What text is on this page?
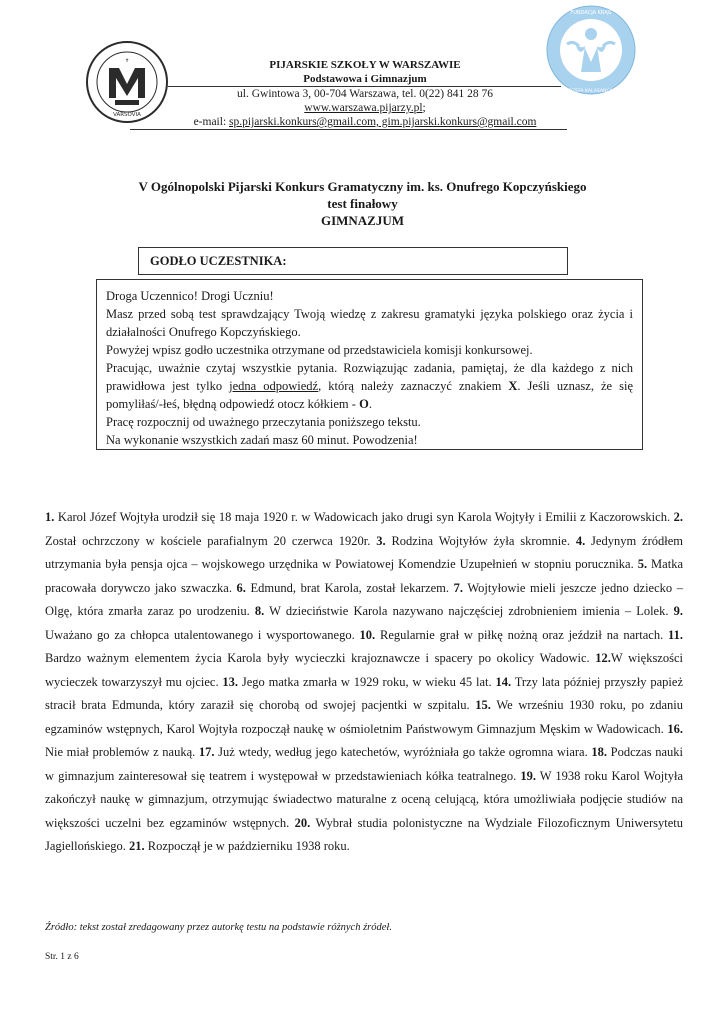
✝
VARSOVIA
FUNDACJA KRĄG
KS. JÓZEFA KALASANCJUSZA
PIJARSKIE SZKOŁY W WARSZAWIE
Podstawowa i Gimnazjum
ul. Gwintowa 3, 00-704 Warszawa, tel. 0(22) 841 28 76
www.warszawa.pijarzy.pl;
e-mail: sp.pijarski.konkurs@gmail.com, gim.pijarski.konkurs@gmail.com
V Ogólnopolski Pijarski Konkurs Gramatyczny im. ks. Onufrego Kopczyńskiego
test finałowy
GIMNAZJUM
GODŁO UCZESTNIKA:

Droga Uczennico! Drogi Uczniu!

Masz przed sobą test sprawdzający Twoją wiedzę z zakresu gramatyki języka polskiego oraz życia i działalności Onufrego Kopczyńskiego.

Powyżej wpisz godło uczestnika otrzymane od przedstawiciela komisji konkursowej.

Pracując, uważnie czytaj wszystkie pytania. Rozwiązując zadania, pamiętaj, że dla każdego z nich prawidłowa jest tylko jedna odpowiedź, którą należy zaznaczyć znakiem X. Jeśli uznasz, że się pomyliłaś/-łeś, błędną odpowiedź otocz kółkiem - O.

Pracę rozpocznij od uważnego przeczytania poniższego tekstu.

Na wykonanie wszystkich zadań masz 60 minut. Powodzenia!

1. Karol Józef Wojtyła urodził się 18 maja 1920 r. w Wadowicach jako drugi syn Karola Wojtyły i Emilii z Kaczorowskich. 2. Został ochrzczony w kościele parafialnym 20 czerwca 1920r. 3. Rodzina Wojtyłów żyła skromnie. 4. Jedynym źródłem utrzymania była pensja ojca – wojskowego urzędnika w Powiatowej Komendzie Uzupełnień w stopniu porucznika. 5. Matka pracowała dorywczo jako szwaczka. 6. Edmund, brat Karola, został lekarzem. 7. Wojtyłowie mieli jeszcze jedno dziecko – Olgę, która zmarła zaraz po urodzeniu. 8. W dzieciństwie Karola nazywano najczęściej zdrobnieniem imienia – Lolek. 9. Uważano go za chłopca utalentowanego i wysportowanego. 10. Regularnie grał w piłkę nożną oraz jeździł na nartach. 11. Bardzo ważnym elementem życia Karola były wycieczki krajoznawcze i spacery po okolicy Wadowic. 12.W większości wycieczek towarzyszył mu ojciec. 13. Jego matka zmarła w 1929 roku, w wieku 45 lat. 14. Trzy lata później przyszły papież stracił brata Edmunda, który zaraził się chorobą od swojej pacjentki w szpitalu. 15. We wrześniu 1930 roku, po zdaniu egzaminów wstępnych, Karol Wojtyła rozpoczął naukę w ośmioletnim Państwowym Gimnazjum Męskim w Wadowicach. 16. Nie miał problemów z nauką. 17. Już wtedy, według jego katechetów, wyróżniała go także ogromna wiara. 18. Podczas nauki w gimnazjum zainteresował się teatrem i występował w przedstawieniach kółka teatralnego. 19. W 1938 roku Karol Wojtyła zakończył naukę w gimnazjum, otrzymując świadectwo maturalne z oceną celującą, która umożliwiała podjęcie studiów na większości uczelni bez egzaminów wstępnych. 20. Wybrał studia polonistyczne na Wydziale Filozoficznym Uniwersytetu Jagiellońskiego. 21. Rozpoczął je w październiku 1938 roku.
Źródło: tekst został zredagowany przez autorkę testu na podstawie różnych źródeł.
Str. 1 z 6
